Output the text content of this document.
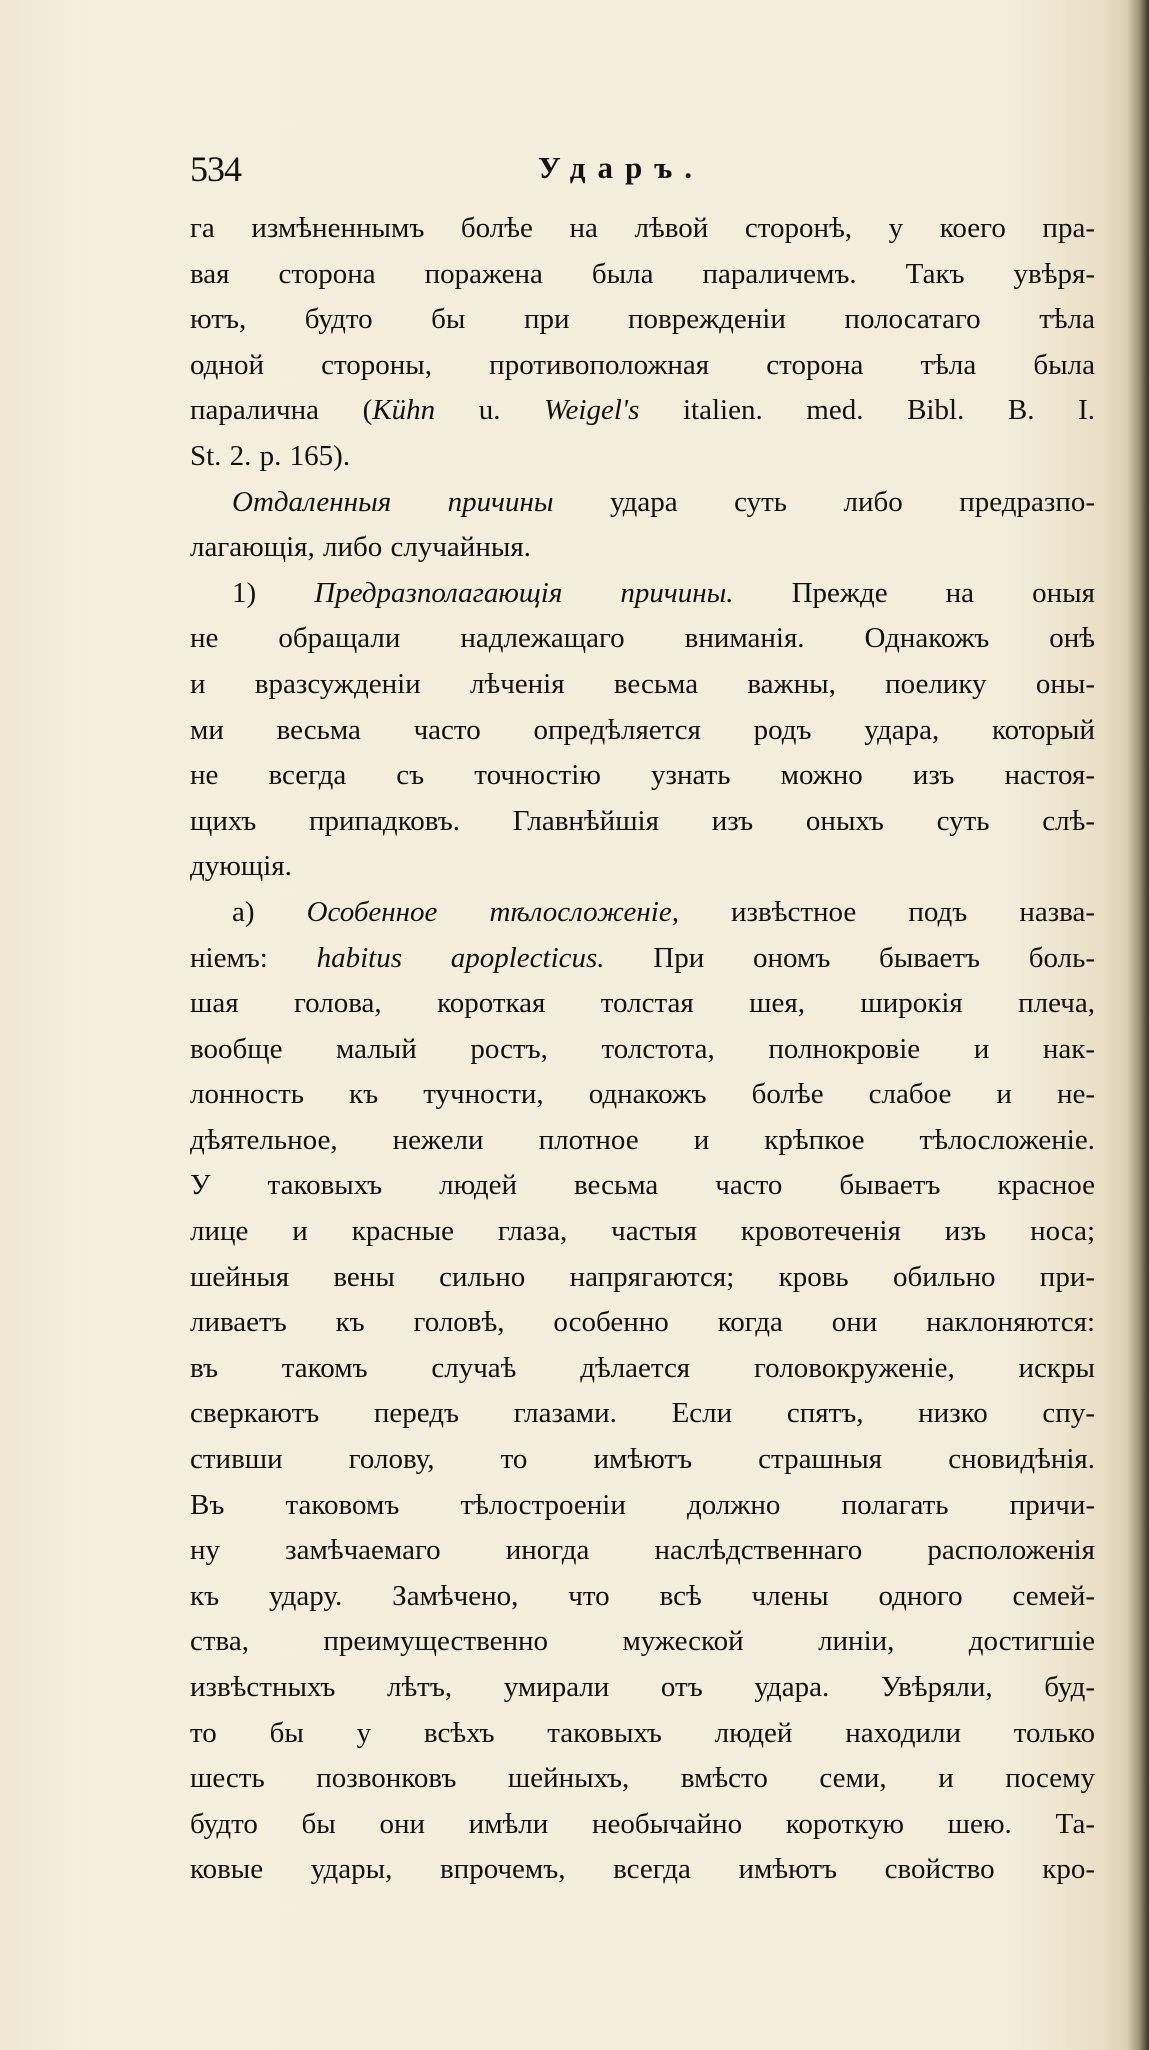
534	Ударъ.
га измѣненнымъ болѣе на лѣвой сторонѣ, у коего пра-
вая сторона поражена была параличемъ. Такъ увѣря-
ютъ, будто бы при поврежденіи полосатаго тѣла
одной стороны, противоположная сторона тѣла была
паралична (Kühn u. Weigel's italien. med. Bibl. B. I.
St. 2. p. 165).
Отдаленныя причины удара суть либо предразпо-
лагающія, либо случайныя.
1) Предразполагающія причины. Прежде на оныя
не обращали надлежащаго вниманія. Однакожъ онѣ
и вразсужденіи лѣченія весьма важны, поелику оны-
ми весьма часто опредѣляется родъ удара, который
не всегда съ точностію узнать можно изъ настоя-
щихъ припадковъ. Главнѣйшія изъ оныхъ суть слѣ-
дующія.
a) Особенное тѣлосложеніе, извѣстное подъ назва-
ніемъ: habitus apoplecticus. При ономъ бываетъ боль-
шая голова, короткая толстая шея, широкія плеча,
вообще малый ростъ, толстота, полнокровіе и нак-
лонность къ тучности, однакожъ болѣе слабое и не-
дѣятельное, нежели плотное и крѣпкое тѣлосложеніе.
У таковыхъ людей весьма часто бываетъ красное
лице и красные глаза, частыя кровотеченія изъ носа;
шейныя вены сильно напрягаются; кровь обильно при-
ливаетъ къ головѣ, особенно когда они наклоняются:
въ такомъ случаѣ дѣлается головокруженіе, искры
сверкаютъ передъ глазами. Если спятъ, низко спу-
стивши голову, то имѣютъ страшныя сновидѣнія.
Въ таковомъ тѣлостроеніи должно полагать причи-
ну замѣчаемаго иногда наслѣдственнаго расположенія
къ удару. Замѣчено, что всѣ члены одного семей-
ства, преимущественно мужеской линіи, достигшіе
извѣстныхъ лѣтъ, умирали отъ удара. Увѣряли, буд-
то бы у всѣхъ таковыхъ людей находили только
шесть позвонковъ шейныхъ, вмѣсто семи, и посему
будто бы они имѣли необычайно короткую шею. Та-
ковые удары, впрочемъ, всегда имѣютъ свойство кро-
